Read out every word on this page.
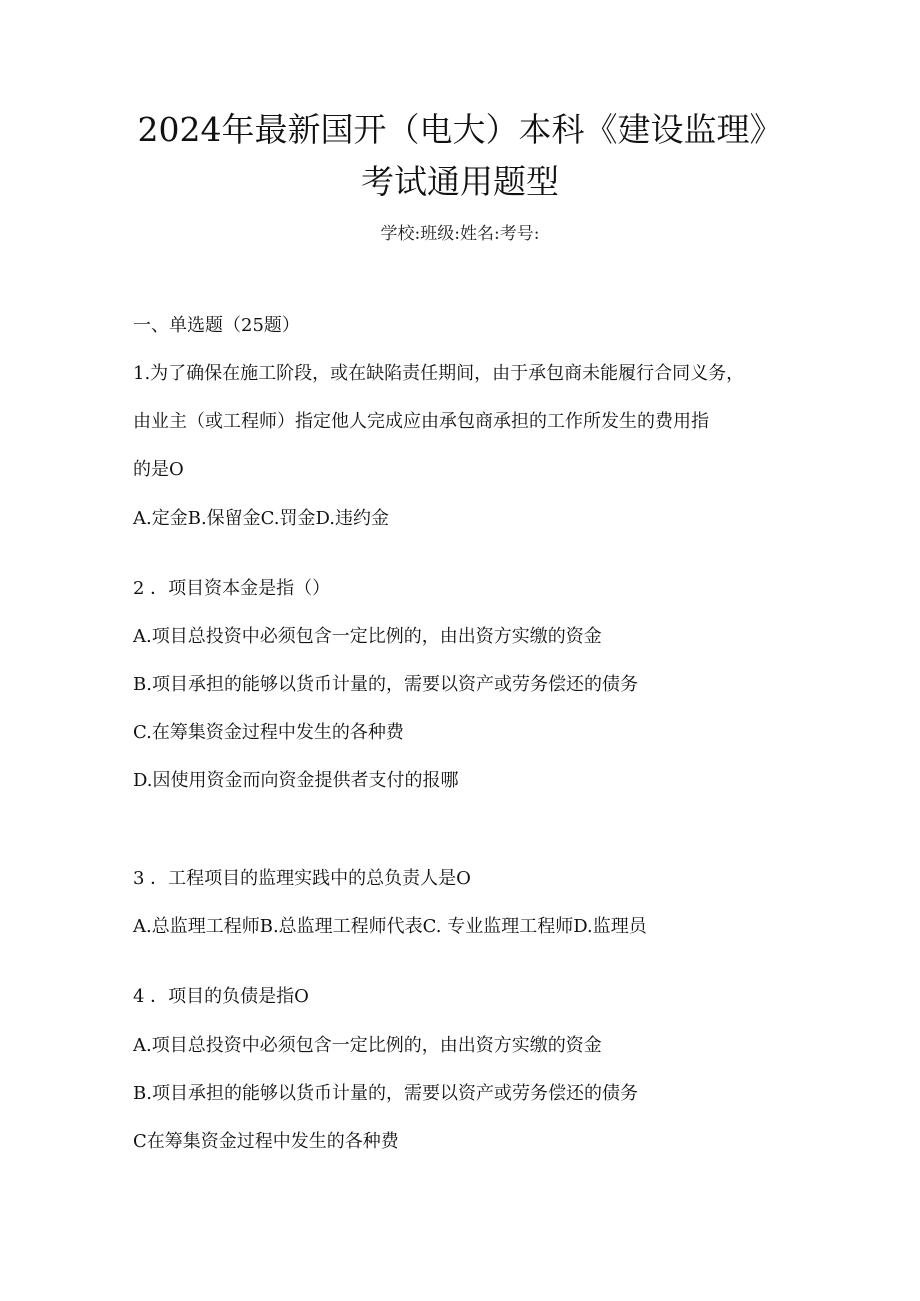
2024年最新国开（电大）本科《建设监理》
考试通用题型
学校:班级:姓名:考号:
一、单选题（25题）
1.为了确保在施工阶段，或在缺陷责任期间，由于承包商未能履行合同义务，
由业主（或工程师）指定他人完成应由承包商承担的工作所发生的费用指
的是O
A.定金B.保留金C.罚金D.违约金
2 ．项目资本金是指（）
A.项目总投资中必须包含一定比例的，由出资方实缴的资金
B.项目承担的能够以货币计量的，需要以资产或劳务偿还的债务
C.在筹集资金过程中发生的各种费
D.因使用资金而向资金提供者支付的报哪
3 ．工程项目的监理实践中的总负责人是O
A.总监理工程师B.总监理工程师代表C. 专业监理工程师D.监理员
4 ．项目的负债是指O
A.项目总投资中必须包含一定比例的，由出资方实缴的资金
B.项目承担的能够以货币计量的，需要以资产或劳务偿还的债务
C在筹集资金过程中发生的各种费
